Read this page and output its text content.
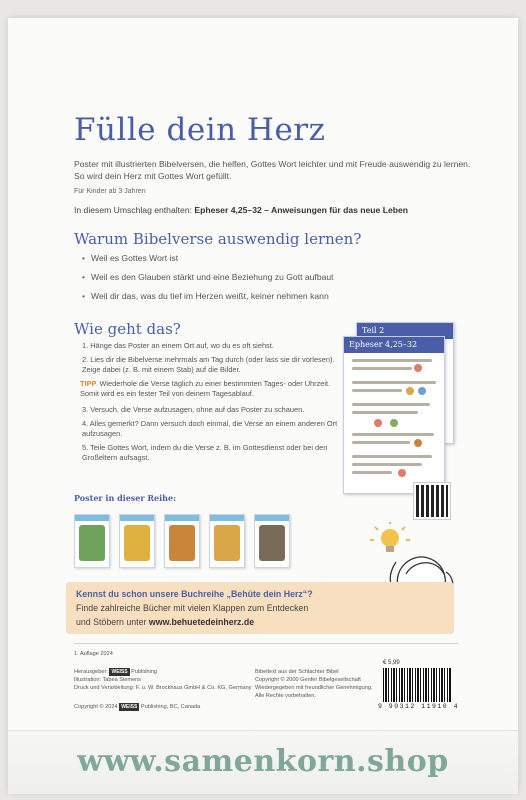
Fülle dein Herz
Poster mit illustrierten Bibelversen, die helfen, Gottes Wort leichter und mit Freude auswendig zu lernen. So wird dein Herz mit Gottes Wort gefüllt.
Für Kinder ab 3 Jahren
In diesem Umschlag enthalten: Epheser 4,25–32 – Anweisungen für das neue Leben
Warum Bibelverse auswendig lernen?
• Weil es Gottes Wort ist
• Weil es den Glauben stärkt und eine Beziehung zu Gott aufbaut
• Weil dir das, was du tief im Herzen weißt, keiner nehmen kann
Wie geht das?
1. Hänge das Poster an einem Ort auf, wo du es oft siehst.
2. Lies dir die Bibelverse mehrmals am Tag durch (oder lass sie dir vorlesen). Zeige dabei (z. B. mit einem Stab) auf die Bilder.
TIPP Wiederhole die Verse täglich zu einer bestimmten Tages- oder Uhrzeit. Somit wird es ein fester Teil von deinem Tagesablauf.
3. Versuch, die Verse aufzusagen, ohne auf das Poster zu schauen.
4. Alles gemerkt? Dann versuch doch einmal, die Verse an einem anderen Ort aufzusagen.
5. Teile Gottes Wort, indem du die Verse z. B. im Gottesdienst oder bei den Großeltern aufsagst.
Teil 2
Epheser 4,25–32
Poster in dieser Reihe:
Kennst du schon unsere Buchreihe „Behüte dein Herz“?
Finde zahlreiche Bücher mit vielen Klappen zum Entdecken
und Stöbern unter www.behuetedeinherz.de
1. Auflage 2024
Herausgeber: WEISS Publishing
Illustration: Tabea Siemens
Druck und Verarbeitung: F. u. W. Brockhaus GmbH & Co. KG, Germany
Copyright © 2024 WEISS Publishing, BC, Canada
Bibeltext aus der Schlachter Bibel
Copyright © 2000 Genfer Bibelgesellschaft
Wiedergegeben mit freundlicher Genehmigung.
Alle Rechte vorbehalten.
€ 5,99
9 90312 11910 4
www.samenkorn.shop
